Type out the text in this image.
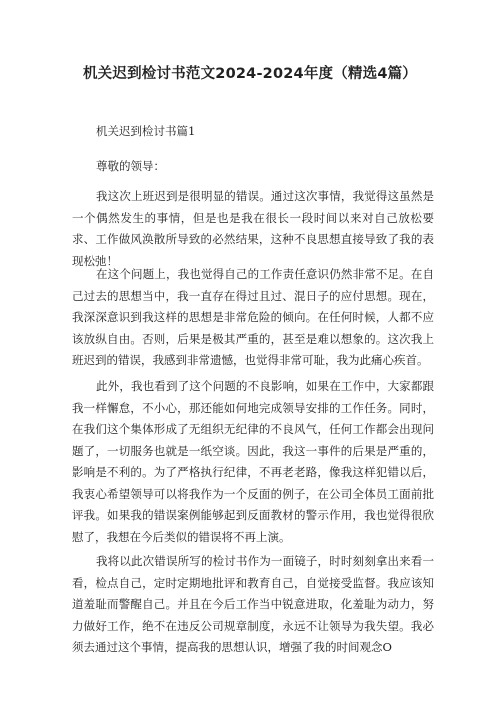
机关迟到检讨书范文2024-2024年度（精选4篇）
机关迟到检讨书篇1
尊敬的领导：

我这次上班迟到是很明显的错误。通过这次事情，我觉得这虽然是一个偶然发生的事情，但是也是我在很长一段时间以来对自己放松要求、工作做风涣散所导致的必然结果，这种不良思想直接导致了我的表现松弛！

在这个问题上，我也觉得自己的工作责任意识仍然非常不足。在自己过去的思想当中，我一直存在得过且过、混日子的应付思想。现在，我深深意识到我这样的思想是非常危险的倾向。在任何时候，人都不应该放纵自由。否则，后果是极其严重的，甚至是难以想象的。这次我上班迟到的错误，我感到非常遗憾，也觉得非常可耻，我为此痛心疾首。

此外，我也看到了这个问题的不良影响，如果在工作中，大家都跟我一样懈怠，不小心，那还能如何地完成领导安排的工作任务。同时，在我们这个集体形成了无组织无纪律的不良风气，任何工作都会出现问题了，一切服务也就是一纸空谈。因此，我这一事件的后果是严重的，影响是不利的。为了严格执行纪律，不再老老路，像我这样犯错以后，我衷心希望领导可以将我作为一个反面的例子，在公司全体员工面前批评我。如果我的错误案例能够起到反面教材的警示作用，我也觉得很欣慰了，我想在今后类似的错误将不再上演。

我将以此次错误所写的检讨书作为一面镜子，时时刻刻拿出来看一看，检点自己，定时定期地批评和教育自己，自觉接受监督。我应该知道羞耻而警醒自己。并且在今后工作当中锐意进取，化羞耻为动力，努力做好工作，绝不在违反公司规章制度，永远不让领导为我失望。我必须去通过这个事情，提高我的思想认识，增强了我的时间观念O
